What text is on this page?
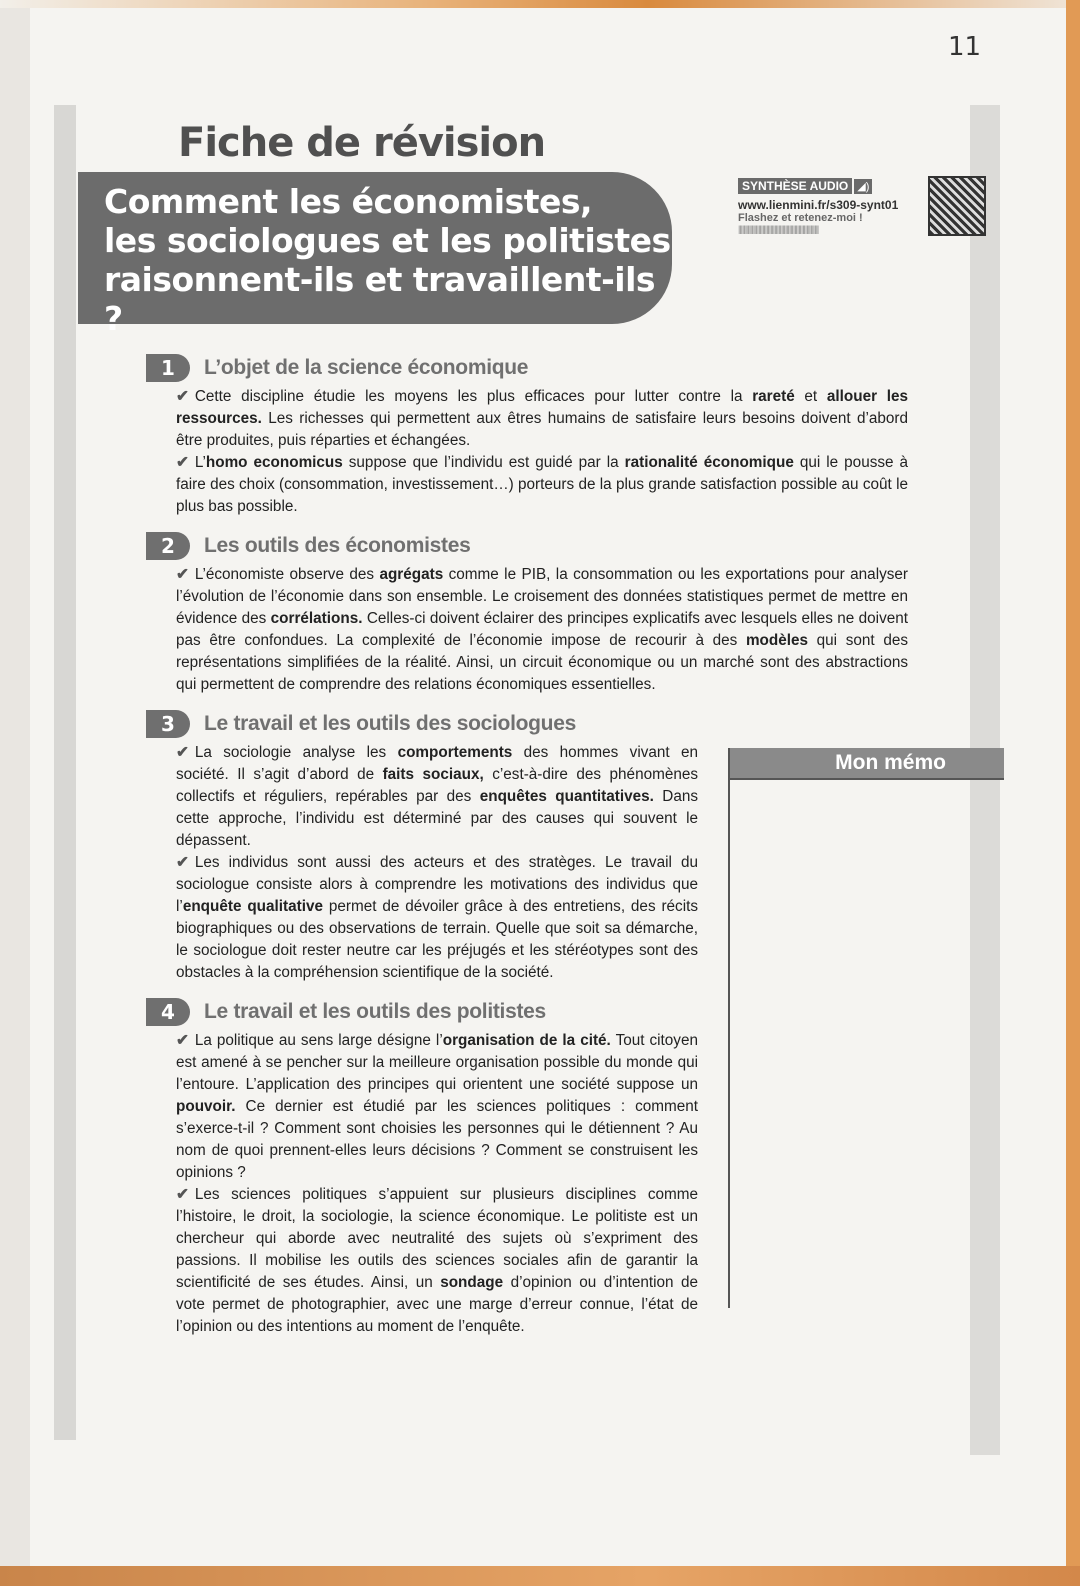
11
Fiche de révision
Comment les économistes,
les sociologues et les politistes
raisonnent-ils et travaillent-ils ?
SYNTHÈSE AUDIO ◢)
www.lienmini.fr/s309-synt01
Flashez et retenez-moi !
||||||||||||||||||||||||||||||||||||||||||||||||||||||||||||
1	L’objet de la science économique

✔ Cette discipline étudie les moyens les plus efficaces pour lutter contre la rareté et allouer les ressources. Les richesses qui permettent aux êtres humains de satisfaire leurs besoins doivent d’abord être produites, puis réparties et échangées.

✔ L’homo economicus suppose que l’individu est guidé par la rationalité économique qui le pousse à faire des choix (consommation, investissement…) porteurs de la plus grande satisfaction possible au coût le plus bas possible.

2	Les outils des économistes

✔ L’économiste observe des agrégats comme le PIB, la consommation ou les exportations pour analyser l’évolution de l’économie dans son ensemble. Le croisement des données statistiques permet de mettre en évidence des corrélations. Celles-ci doivent éclairer des principes explicatifs avec lesquels elles ne doivent pas être confondues. La complexité de l’économie impose de recourir à des modèles qui sont des représentations simplifiées de la réalité. Ainsi, un circuit économique ou un marché sont des abstractions qui permettent de comprendre des relations économiques essentielles.

3	Le travail et les outils des sociologues
Mon mémo

✔ La sociologie analyse les comportements des hommes vivant en société. Il s’agit d’abord de faits sociaux, c’est-à-dire des phénomènes collectifs et réguliers, repérables par des enquêtes quantitatives. Dans cette approche, l’individu est déterminé par des causes qui souvent le dépassent.

✔ Les individus sont aussi des acteurs et des stratèges. Le travail du sociologue consiste alors à comprendre les motivations des individus que l’enquête qualitative permet de dévoiler grâce à des entretiens, des récits biographiques ou des observations de terrain. Quelle que soit sa démarche, le sociologue doit rester neutre car les préjugés et les stéréotypes sont des obstacles à la compréhension scientifique de la société.

4	Le travail et les outils des politistes

✔ La politique au sens large désigne l’organisation de la cité. Tout citoyen est amené à se pencher sur la meilleure organisation possible du monde qui l’entoure. L’application des principes qui orientent une société suppose un pouvoir. Ce dernier est étudié par les sciences politiques : comment s’exerce-t-il ? Comment sont choisies les personnes qui le détiennent ? Au nom de quoi prennent-elles leurs décisions ? Comment se construisent les opinions ?

✔ Les sciences politiques s’appuient sur plusieurs disciplines comme l’histoire, le droit, la sociologie, la science économique. Le politiste est un chercheur qui aborde avec neutralité des sujets où s’expriment des passions. Il mobilise les outils des sciences sociales afin de garantir la scientificité de ses études. Ainsi, un sondage d’opinion ou d’intention de vote permet de photographier, avec une marge d’erreur connue, l’état de l’opinion ou des intentions au moment de l’enquête.
